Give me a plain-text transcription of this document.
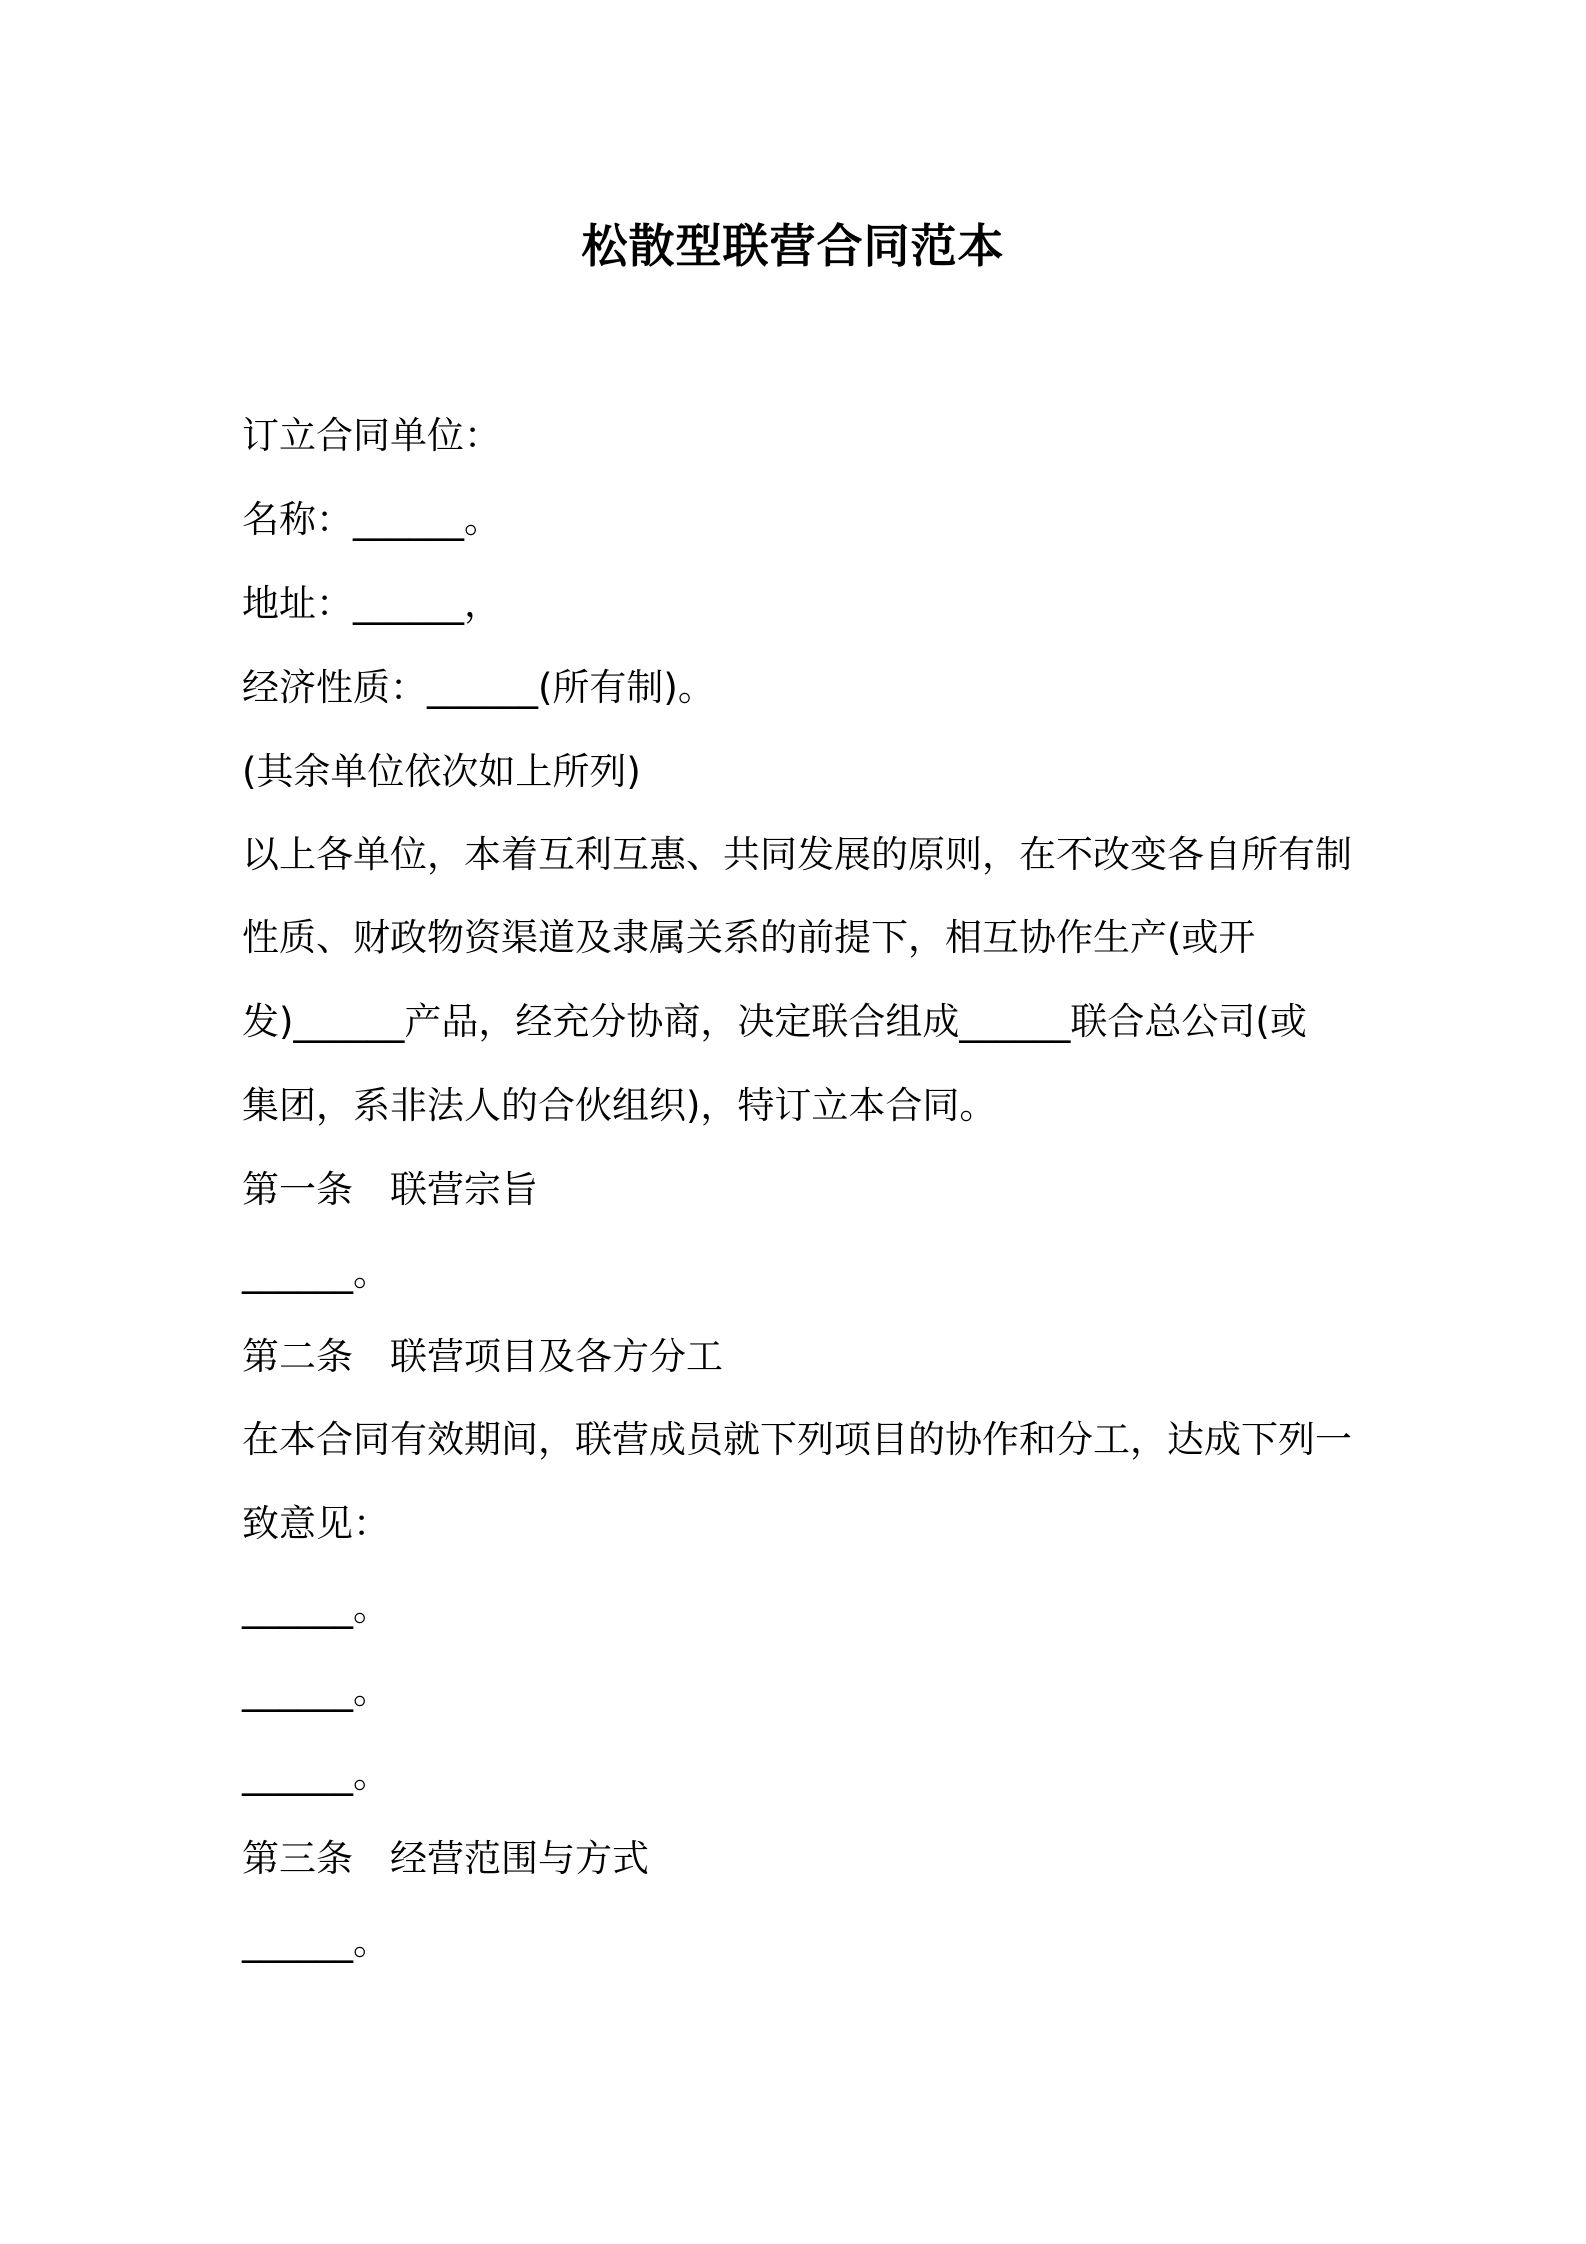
松散型联营合同范本
订立合同单位：
名称：______。
地址：______，
经济性质：______(所有制)。
(其余单位依次如上所列)
以上各单位，本着互利互惠、共同发展的原则，在不改变各自所有制
性质、财政物资渠道及隶属关系的前提下，相互协作生产(或开
发)______产品，经充分协商，决定联合组成______联合总公司(或
集团，系非法人的合伙组织)，特订立本合同。
第一条　联营宗旨
______。
第二条　联营项目及各方分工
在本合同有效期间，联营成员就下列项目的协作和分工，达成下列一
致意见：
______。
______。
______。
第三条　经营范围与方式
______。
